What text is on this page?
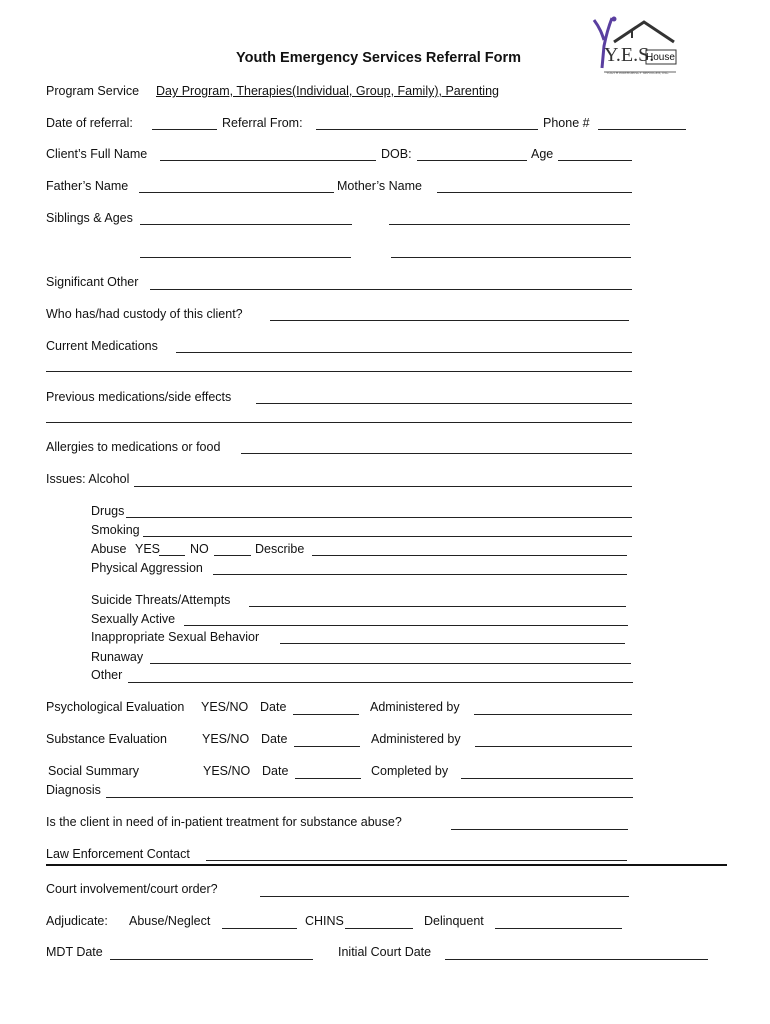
Y.E.S.
House
YOUTH EMERGENCY SERVICES, INC.
Youth Emergency Services Referral Form
Program Service Day Program, Therapies(Individual, Group, Family), Parenting
Date of referral:	Referral From:	Phone #
Client’s Full Name	DOB:	Age
Father’s Name	Mother’s Name
Siblings & Ages
Significant Other
Who has/had custody of this client?
Current Medications
Previous medications/side effects
Allergies to medications or food
Issues: Alcohol
Drugs
Smoking
Abuse YES NO	Describe
Physical Aggression
Suicide Threats/Attempts
Sexually Active
Inappropriate Sexual Behavior
Runaway
Other
Psychological Evaluation YES/NO Date	Administered by
Substance Evaluation	YES/NO Date	Administered by
Social Summary	YES/NO Date	Completed by
Diagnosis
Is the client in need of in-patient treatment for substance abuse?
Law Enforcement Contact
Court involvement/court order?
Adjudicate: Abuse/Neglect	CHINS	Delinquent
MDT Date	Initial Court Date
